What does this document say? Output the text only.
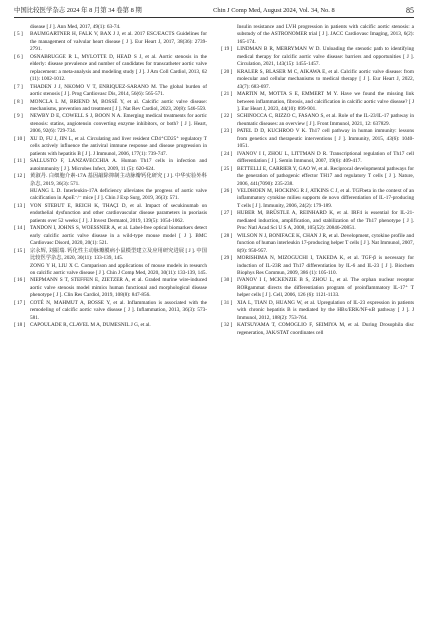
中国比较医学杂志 2024 年 8 月第 34 卷第 8 期	Chin J Comp Med, August 2024, Vol. 34, No. 8	85
disease [ J ]. Ann Med, 2017, 49(1): 63-74.
[ 5 ]	BAUMGARTNER H, FALK V, BAX J J, et al. 2017 ESC/EACTS Guidelines for the management of valvular heart disease [ J ]. Eur Heart J, 2017, 38(36): 2739-2791.
[ 6 ]	OSNABRUGGE R L, MYLOTTE D, HEAD S J, et al. Aortic stenosis in the elderly: disease prevalence and number of candidates for transcatheter aortic valve replacement: a meta-analysis and modeling study [ J ]. J Am Coll Cardiol, 2013, 62 (11): 1002-1012.
[ 7 ]	THADEN J J, NKOMO V T, ENRIQUEZ-SARANO M. The global burden of aortic stenosis [ J ]. Prog Cardiovasc Dis, 2014, 56(6): 565-571.
[ 8 ]	MONCLA L M, BRIEND M, BOSSÉ Y, et al. Calcific aortic valve disease: mechanisms, prevention and treatment [ J ]. Nat Rev Cardiol, 2023, 20(8): 546-559.
[ 9 ]	NEWBY D E, COWELL S J, BOON N A. Emerging medical treatments for aortic stenosis: statins, angiotensin converting enzyme inhibitors, or both? [ J ]. Heart, 2006, 92(6): 729-734.
[ 10 ] XU D, FU J, JIN L, et al. Circulating and liver resident CD4⁺CD25⁺ regulatory T cells actively influence the antiviral immune response and disease progression in patients with hepatitis B [ J ]. J Immunol, 2006, 177(1): 739-747.
[ 11 ] SALLUSTO F, LANZAVECCHIA A. Human Th17 cells in infection and autoimmunity [ J ]. Microbes Infect, 2009, 11 (5): 620-624.
[ 12 ] 黄淑丹. 白细胞介素-17A 基因敲除抑制主动脉瓣钙化研究 [ J ]. 中华实验外科杂志, 2019, 36(3): 571.
HUANG L D. Interleukin-17A deficiency alleviates the progress of aortic valve calcification in ApoE⁻/⁻ mice [ J ]. Chin J Exp Surg, 2019, 36(3): 571.
[ 13 ] VON STEBUT E, REICH K, THAÇI D, et al. Impact of secukinumab on endothelial dysfunction and other cardiovascular disease parameters in psoriasis patients over 52 weeks [ J ]. J Invest Dermatol, 2019, 139(5): 1054-1062.
[ 14 ] TANDON I, JOHNS S, WOESSNER A, et al. Label-free optical biomarkers detect early calcific aortic valve disease in a wild-type mouse model [ J ]. BMC Cardiovasc Disord, 2020, 20(1): 521.
[ 15 ] 宗永辉, 刘振瑞. 钙化性主动脉瓣膜病小鼠模型建立及应用研究进展 [ J ]. 中国比较医学杂志, 2020, 30(11): 133-139, 145.
ZONG Y H, LIU X C. Comparison and applications of mouse models in research on calcific aortic valve disease [ J ]. Chin J Comp Med, 2020, 30(11): 133-139, 145.
[ 16 ] NIEPMANN S T, STEFFEN E, ZIETZER A, et al. Graded murine wire-induced aortic valve stenosis model mimics human functional and morphological disease phenotype [ J ]. Clin Res Cardiol, 2019, 108(8): 847-856.
[ 17 ] COTÉ N, MAHMUT A, BOSSE Y, et al. Inflammation is associated with the remodeling of calcific aortic valve disease [ J ]. Inflammation, 2013, 36(3): 573-581.
[ 18 ] CAPOULADE R, CLAVEL M A, DUMESNIL J G, et al.
Insulin resistance and LVH progression in patients with calcific aortic stenosis: a substudy of the ASTRONOMER trial [ J ]. JACC Cardiovasc Imaging, 2013, 6(2): 165-174.
[ 19 ] LINDMAN B R, MERRYMAN W D. Unloading the stenotic path to identifying medical therapy for calcific aortic valve disease: barriers and opportunities [ J ]. Circulation, 2021, 143(15): 1455-1457.
[ 20 ] KRALER S, BLASER M C, AIKAWA E, et al. Calcific aortic valve disease: from molecular and cellular mechanisms to medical therapy [ J ]. Eur Heart J, 2022, 43(7): 683-697.
[ 21 ] MARTIN M, MOTTA S E, EMMERT M Y. Have we found the missing link between inflammation, fibrosis, and calcification in calcific aortic valve disease? [ J ]. Eur Heart J, 2023, 44(10): 899-901.
[ 22 ] SCHINOCCA C, RIZZO C, FASANO S, et al. Role of the IL-23/IL-17 pathway in rheumatic diseases: an overview [ J ]. Front Immunol, 2021, 12: 637829.
[ 23 ] PATEL D D, KUCHROO V K. Th17 cell pathway in human immunity: lessons from genetics and therapeutic interventions [ J ]. Immunity, 2015, 43(6): 1040-1051.
[ 24 ] IVANOV I I, ZHOU L, LITTMAN D R. Transcriptional regulation of Th17 cell differentiation [ J ]. Semin Immunol, 2007, 19(6): 409-417.
[ 25 ] BETTELLI E, CARRIER Y, GAO W, et al. Reciprocal developmental pathways for the generation of pathogenic effector TH17 and regulatory T cells [ J ]. Nature, 2006, 441(7090): 235-238.
[ 26 ] VELDHOEN M, HOCKING R J, ATKINS C J, et al. TGFbeta in the context of an inflammatory cytokine milieu supports de novo differentiation of IL-17-producing T cells [ J ]. Immunity, 2006, 24(2): 179-189.
[ 27 ] HUBER M, BRÜSTLE A, REINHARD K, et al. IRF4 is essential for IL-21-mediated induction, amplification, and stabilization of the Th17 phenotype [ J ]. Proc Natl Acad Sci U S A, 2008, 105(52): 20846-20851.
[ 28 ] WILSON N J, BONIFACE K, CHAN J R, et al. Development, cytokine profile and function of human interleukin 17-producing helper T cells [ J ]. Nat Immunol, 2007, 8(9): 950-957.
[ 29 ] MORISHIMA N, MIZOGUCHI I, TAKEDA K, et al. TGF-β is necessary for induction of IL-23R and Th17 differentiation by IL-6 and IL-23 [ J ]. Biochem Biophys Res Commun, 2009, 386 (1): 105-110.
[ 30 ] IVANOV I I, MCKENZIE B S, ZHOU L, et al. The orphan nuclear receptor RORgammat directs the differentiation program of proinflammatory IL-17⁺ T helper cells [ J ]. Cell, 2006, 126 (6): 1121-1133.
[ 31 ] XIA L, TIAN D, HUANG W, et al. Upregulation of IL-23 expression in patients with chronic hepatitis B is mediated by the HBx/ERK/NF-κB pathway [ J ]. J Immunol, 2012, 188(2): 753-764.
[ 32 ] KATSUYAMA T, COMOGLIO F, SEIMIYA M, et al. During Drosophila disc regeneration, JAK/STAT coordinates cell
